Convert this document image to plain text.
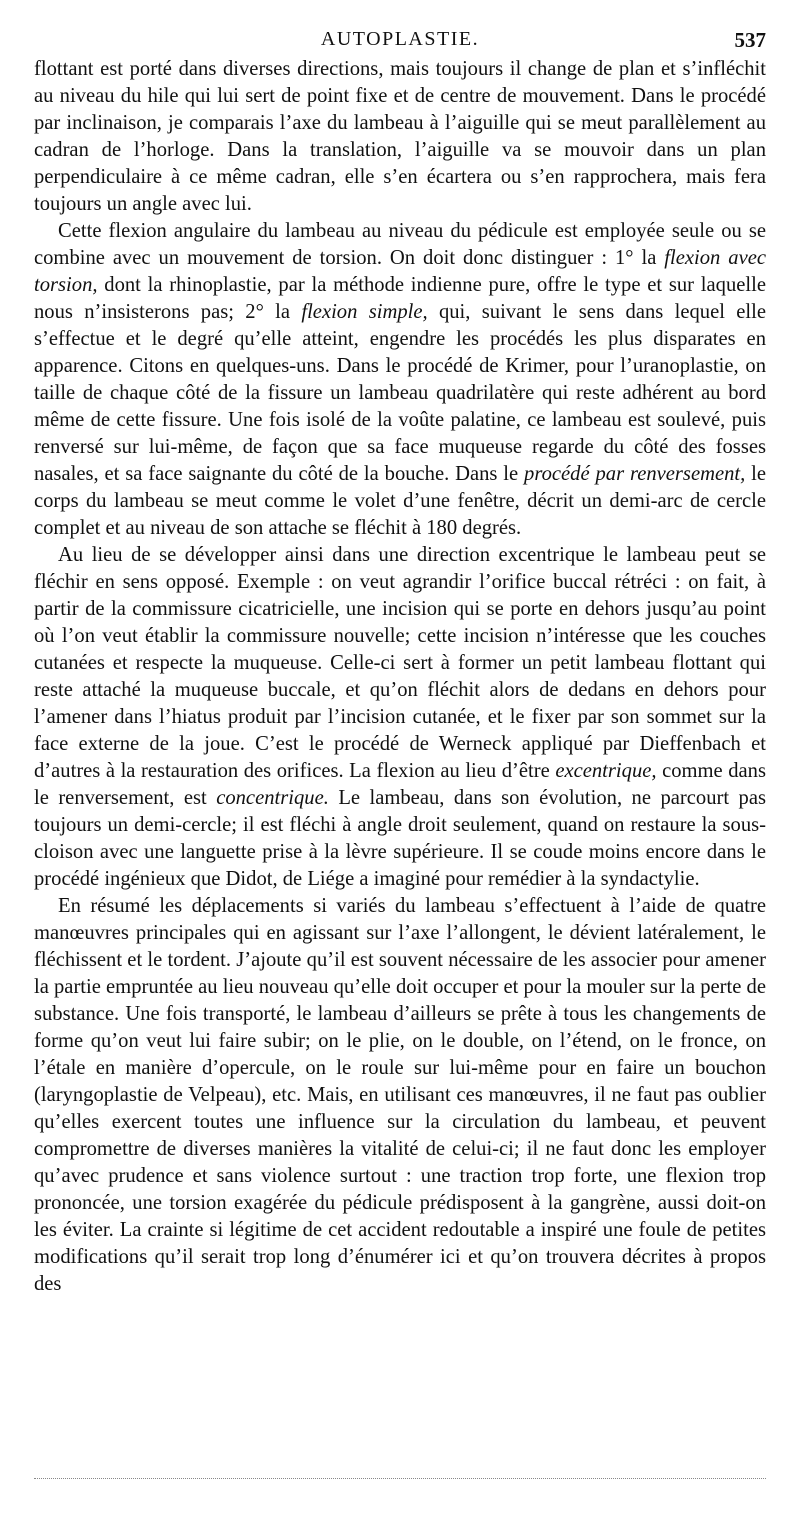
AUTOPLASTIE.	537

flottant est porté dans diverses directions, mais toujours il change de plan et s’infléchit au niveau du hile qui lui sert de point fixe et de centre de mouvement. Dans le procédé par inclinaison, je comparais l’axe du lambeau à l’aiguille qui se meut parallèlement au cadran de l’horloge. Dans la translation, l’aiguille va se mouvoir dans un plan perpendiculaire à ce même cadran, elle s’en écartera ou s’en rapprochera, mais fera toujours un angle avec lui.

Cette flexion angulaire du lambeau au niveau du pédicule est employée seule ou se combine avec un mouvement de torsion. On doit donc distinguer : 1° la flexion avec torsion, dont la rhinoplastie, par la méthode indienne pure, offre le type et sur laquelle nous n’insisterons pas; 2° la flexion simple, qui, suivant le sens dans lequel elle s’effectue et le degré qu’elle atteint, engendre les procédés les plus disparates en apparence. Citons en quelques-uns. Dans le procédé de Krimer, pour l’uranoplastie, on taille de chaque côté de la fissure un lambeau quadrilatère qui reste adhérent au bord même de cette fissure. Une fois isolé de la voûte palatine, ce lambeau est soulevé, puis renversé sur lui-même, de façon que sa face muqueuse regarde du côté des fosses nasales, et sa face saignante du côté de la bouche. Dans le procédé par renversement, le corps du lambeau se meut comme le volet d’une fenêtre, décrit un demi-arc de cercle complet et au niveau de son attache se fléchit à 180 degrés.

Au lieu de se développer ainsi dans une direction excentrique le lambeau peut se fléchir en sens opposé. Exemple : on veut agrandir l’orifice buccal rétréci : on fait, à partir de la commissure cicatricielle, une incision qui se porte en dehors jusqu’au point où l’on veut établir la commissure nouvelle; cette incision n’intéresse que les couches cutanées et respecte la muqueuse. Celle-ci sert à former un petit lambeau flottant qui reste attaché la muqueuse buccale, et qu’on fléchit alors de dedans en dehors pour l’amener dans l’hiatus produit par l’incision cutanée, et le fixer par son sommet sur la face externe de la joue. C’est le procédé de Werneck appliqué par Dieffenbach et d’autres à la restauration des orifices. La flexion au lieu d’être excentrique, comme dans le renversement, est concentrique. Le lambeau, dans son évolution, ne parcourt pas toujours un demi-cercle; il est fléchi à angle droit seulement, quand on restaure la sous-cloison avec une languette prise à la lèvre supérieure. Il se coude moins encore dans le procédé ingénieux que Didot, de Liége a imaginé pour remédier à la syndactylie.

En résumé les déplacements si variés du lambeau s’effectuent à l’aide de quatre manœuvres principales qui en agissant sur l’axe l’allongent, le dévient latéralement, le fléchissent et le tordent. J’ajoute qu’il est souvent nécessaire de les associer pour amener la partie empruntée au lieu nouveau qu’elle doit occuper et pour la mouler sur la perte de substance. Une fois transporté, le lambeau d’ailleurs se prête à tous les changements de forme qu’on veut lui faire subir; on le plie, on le double, on l’étend, on le fronce, on l’étale en manière d’opercule, on le roule sur lui-même pour en faire un bouchon (laryngoplastie de Velpeau), etc. Mais, en utilisant ces manœuvres, il ne faut pas oublier qu’elles exercent toutes une influence sur la circulation du lambeau, et peuvent compromettre de diverses manières la vitalité de celui-ci; il ne faut donc les employer qu’avec prudence et sans violence surtout : une traction trop forte, une flexion trop prononcée, une torsion exagérée du pédicule prédisposent à la gangrène, aussi doit-on les éviter. La crainte si légitime de cet accident redoutable a inspiré une foule de petites modifications qu’il serait trop long d’énumérer ici et qu’on trouvera décrites à propos des
